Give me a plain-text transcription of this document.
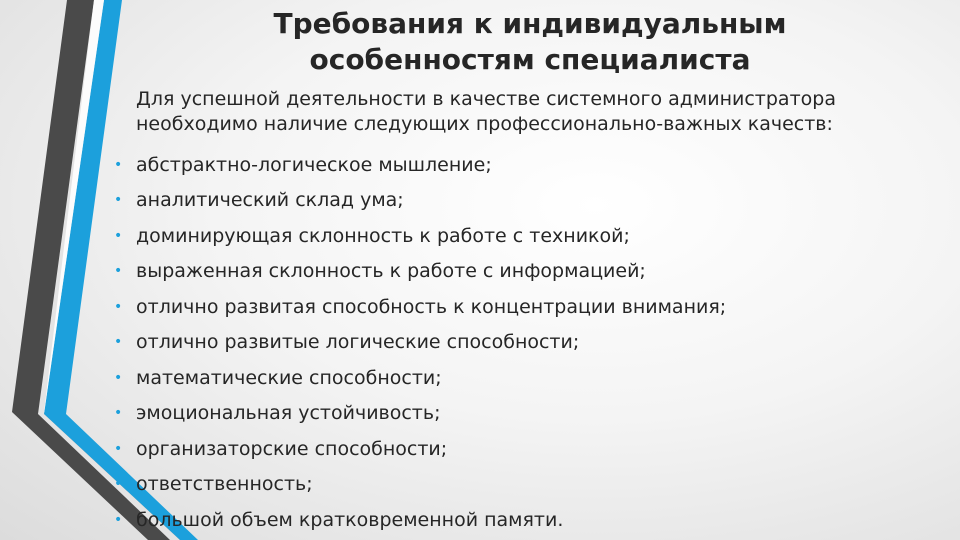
Требования к индивидуальным
особенностям специалиста
Для успешной деятельности в качестве системного администратора
необходимо наличие следующих профессионально-важных качеств:
• абстрактно-логическое мышление;
• аналитический склад ума;
• доминирующая склонность к работе с техникой;
• выраженная склонность к работе с информацией;
• отлично развитая способность к концентрации внимания;
• отлично развитые логические способности;
• математические способности;
• эмоциональная устойчивость;
• организаторские способности;
• ответственность;
• большой объем кратковременной памяти.
